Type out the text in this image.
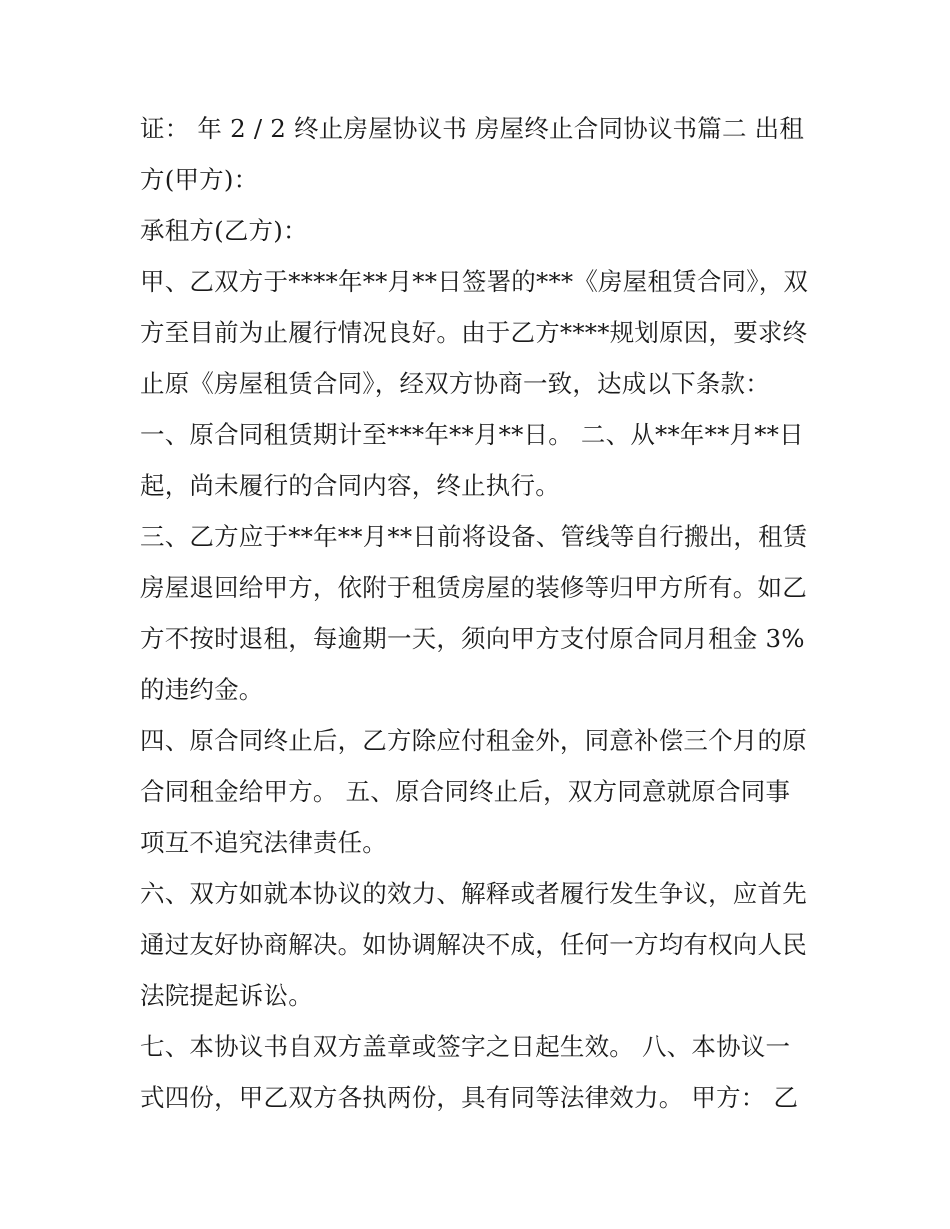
证： 年 2 / 2 终止房屋协议书 房屋终止合同协议书篇二 出租
方(甲方)：
承租方(乙方)：
甲、乙双方于****年**月**日签署的***《房屋租赁合同》，双
方至目前为止履行情况良好。由于乙方****规划原因，要求终
止原《房屋租赁合同》，经双方协商一致，达成以下条款：
一、原合同租赁期计至***年**月**日。 二、从**年**月**日
起，尚未履行的合同内容，终止执行。
三、乙方应于**年**月**日前将设备、管线等自行搬出，租赁
房屋退回给甲方，依附于租赁房屋的装修等归甲方所有。如乙
方不按时退租，每逾期一天，须向甲方支付原合同月租金 3%
的违约金。
四、原合同终止后，乙方除应付租金外，同意补偿三个月的原
合同租金给甲方。 五、原合同终止后，双方同意就原合同事
项互不追究法律责任。
六、双方如就本协议的效力、解释或者履行发生争议，应首先
通过友好协商解决。如协调解决不成，任何一方均有权向人民
法院提起诉讼。
七、本协议书自双方盖章或签字之日起生效。 八、本协议一
式四份，甲乙双方各执两份，具有同等法律效力。 甲方： 乙
